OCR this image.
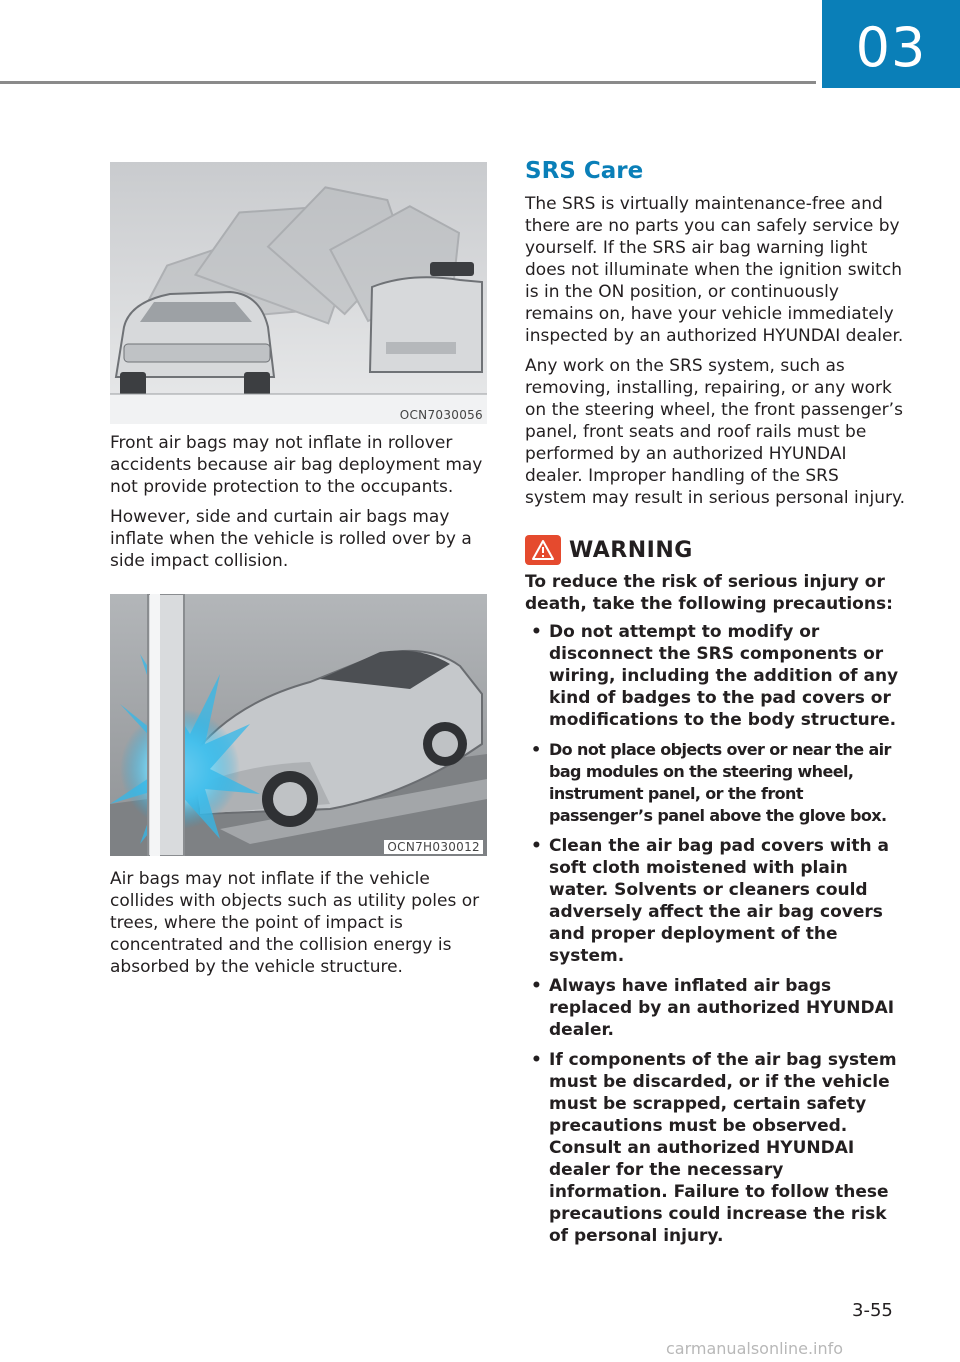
03
OCN7030056

Front air bags may not inflate in rollover accidents because air bag deployment may not provide protection to the occupants.

However, side and curtain air bags may inflate when the vehicle is rolled over by a side impact collision.

OCN7H030012

Air bags may not inflate if the vehicle collides with objects such as utility poles or trees, where the point of impact is concentrated and the collision energy is absorbed by the vehicle structure.

SRS Care

The SRS is virtually maintenance-free and there are no parts you can safely service by yourself. If the SRS air bag warning light does not illuminate when the ignition switch is in the ON position, or continuously remains on, have your vehicle immediately inspected by an authorized HYUNDAI dealer.

Any work on the SRS system, such as removing, installing, repairing, or any work on the steering wheel, the front passenger’s panel, front seats and roof rails must be performed by an authorized HYUNDAI dealer. Improper handling of the SRS system may result in serious personal injury.

WARNING

To reduce the risk of serious injury or death, take the following precautions:

• Do not attempt to modify or disconnect the SRS components or wiring, including the addition of any kind of badges to the pad covers or modifications to the body structure.
• Do not place objects over or near the air bag modules on the steering wheel, instrument panel, or the front passenger’s panel above the glove box.
• Clean the air bag pad covers with a soft cloth moistened with plain water. Solvents or cleaners could adversely affect the air bag covers and proper deployment of the system.
• Always have inflated air bags replaced by an authorized HYUNDAI dealer.
• If components of the air bag system must be discarded, or if the vehicle must be scrapped, certain safety precautions must be observed. Consult an authorized HYUNDAI dealer for the necessary information. Failure to follow these precautions could increase the risk of personal injury.
3-55
carmanualsonline.info
